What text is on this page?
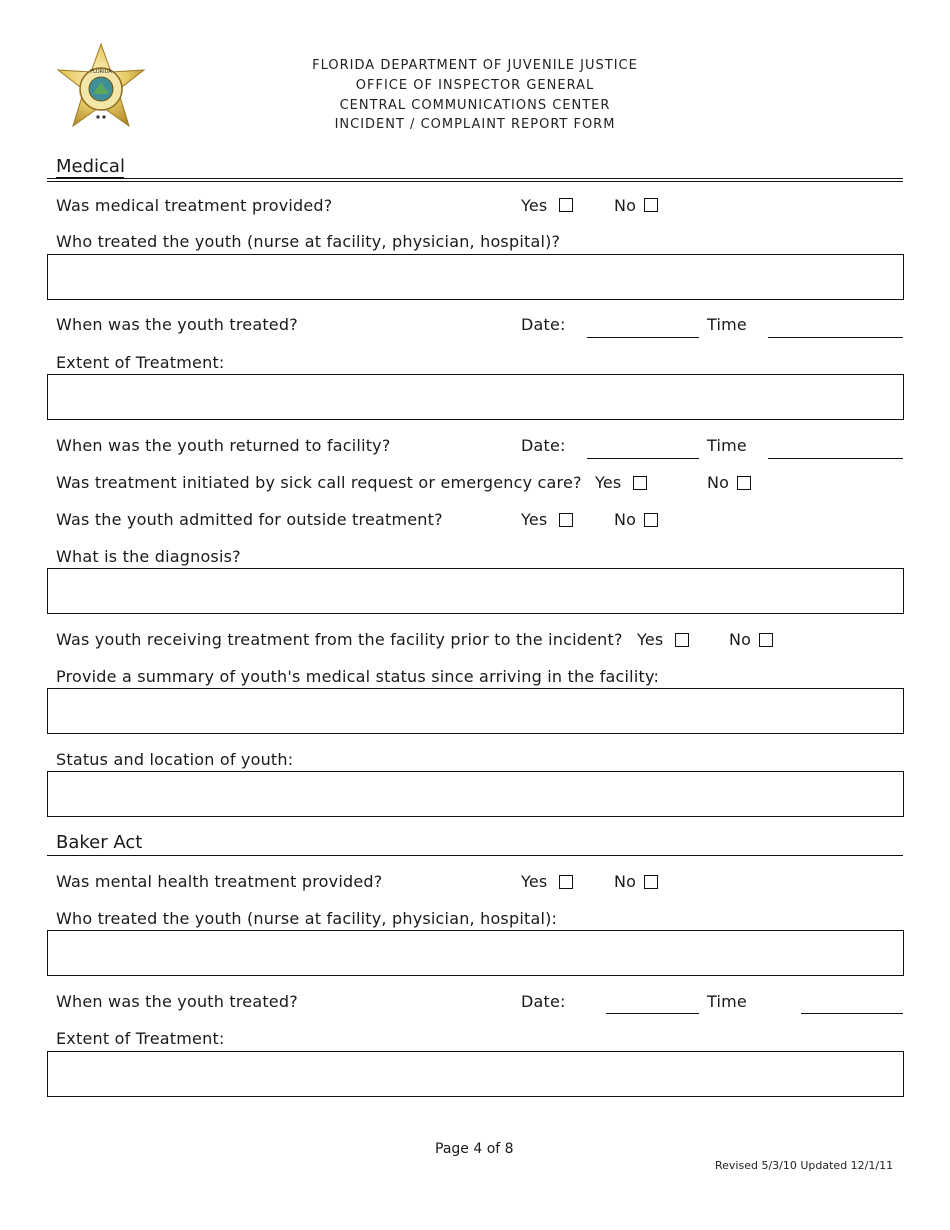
FLORIDA	FLORIDA DEPARTMENT OF JUVENILE JUSTICE
OFFICE OF INSPECTOR GENERAL
CENTRAL COMMUNICATIONS CENTER
INCIDENT / COMPLAINT REPORT FORM
Medical
Was medical treatment provided?	Yes	No
Who treated the youth (nurse at facility, physician, hospital)?
When was the youth treated?	Date:	Time
Extent of Treatment:
When was the youth returned to facility?	Date:	Time
Was treatment initiated by sick call request or emergency care? Yes	No
Was the youth admitted for outside treatment?	Yes	No
What is the diagnosis?
Was youth receiving treatment from the facility prior to the incident? Yes	No
Provide a summary of youth's medical status since arriving in the facility:
Status and location of youth:
Baker Act
Was mental health treatment provided?	Yes	No
Who treated the youth (nurse at facility, physician, hospital):
When was the youth treated?	Date:	Time
Extent of Treatment:
Page 4 of 8
Revised 5/3/10 Updated 12/1/11
